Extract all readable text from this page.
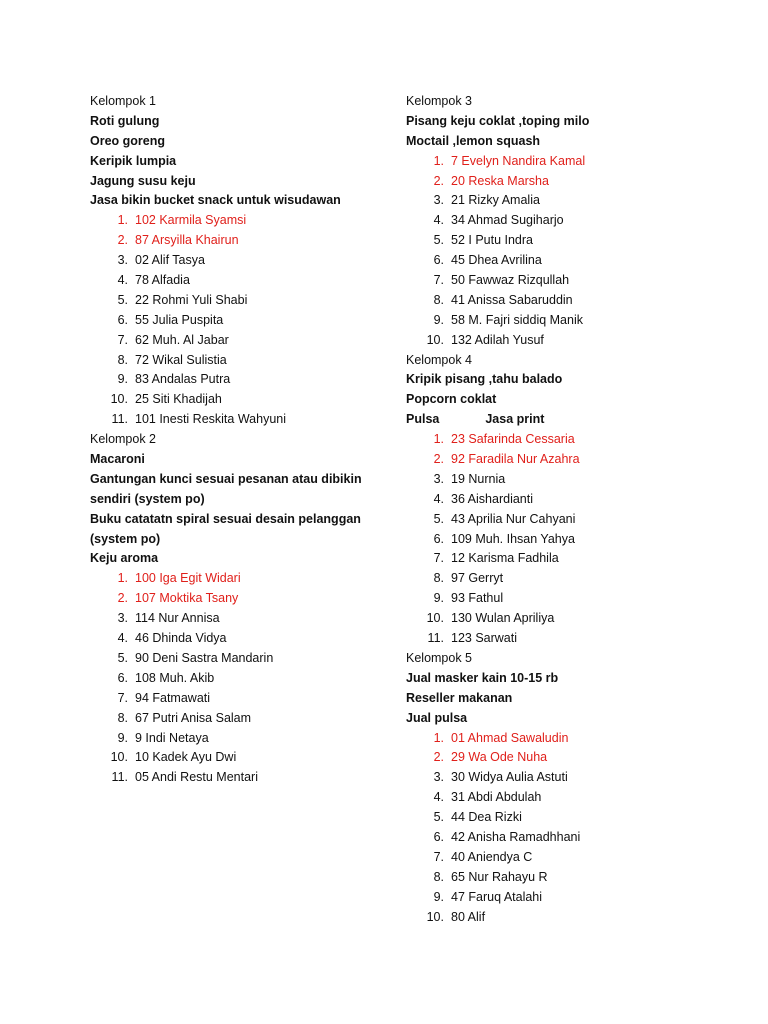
Kelompok 1
Roti gulung
Oreo goreng
Keripik lumpia
Jagung susu keju
Jasa bikin bucket snack untuk wisudawan
1. 102 Karmila Syamsi
2. 87 Arsyilla Khairun
3. 02 Alif Tasya
4. 78 Alfadia
5. 22 Rohmi Yuli Shabi
6. 55 Julia Puspita
7. 62 Muh. Al Jabar
8. 72 Wikal Sulistia
9. 83 Andalas Putra
10. 25 Siti Khadijah
11. 101 Inesti Reskita Wahyuni
Kelompok 2
Macaroni
Gantungan kunci sesuai pesanan atau dibikin
sendiri (system po)
Buku catatatn spiral sesuai desain pelanggan
(system po)
Keju aroma
1. 100 Iga Egit Widari
2. 107 Moktika Tsany
3. 114 Nur Annisa
4. 46 Dhinda Vidya
5. 90 Deni Sastra Mandarin
6. 108 Muh. Akib
7. 94 Fatmawati
8. 67 Putri Anisa Salam
9. 9 Indi Netaya
10. 10 Kadek Ayu Dwi
11. 05 Andi Restu Mentari
Kelompok 3
Pisang keju coklat ,toping milo
Moctail ,lemon squash
1. 7 Evelyn Nandira Kamal
2. 20 Reska Marsha
3. 21 Rizky Amalia
4. 34 Ahmad Sugiharjo
5. 52 I Putu Indra
6. 45 Dhea Avrilina
7. 50 Fawwaz Rizqullah
8. 41 Anissa Sabaruddin
9. 58 M. Fajri siddiq Manik
10. 132 Adilah Yusuf
Kelompok 4
Kripik pisang ,tahu balado
Popcorn coklat
Pulsa	Jasa print
1. 23 Safarinda Cessaria
2. 92 Faradila Nur Azahra
3. 19 Nurnia
4. 36 Aishardianti
5. 43 Aprilia Nur Cahyani
6. 109 Muh. Ihsan Yahya
7. 12 Karisma Fadhila
8. 97 Gerryt
9. 93 Fathul
10. 130 Wulan Apriliya
11. 123 Sarwati
Kelompok 5
Jual masker kain 10-15 rb
Reseller makanan
Jual pulsa
1. 01 Ahmad Sawaludin
2. 29 Wa Ode Nuha
3. 30 Widya Aulia Astuti
4. 31 Abdi Abdulah
5. 44 Dea Rizki
6. 42 Anisha Ramadhhani
7. 40 Aniendya C
8. 65 Nur Rahayu R
9. 47 Faruq Atalahi
10. 80 Alif
